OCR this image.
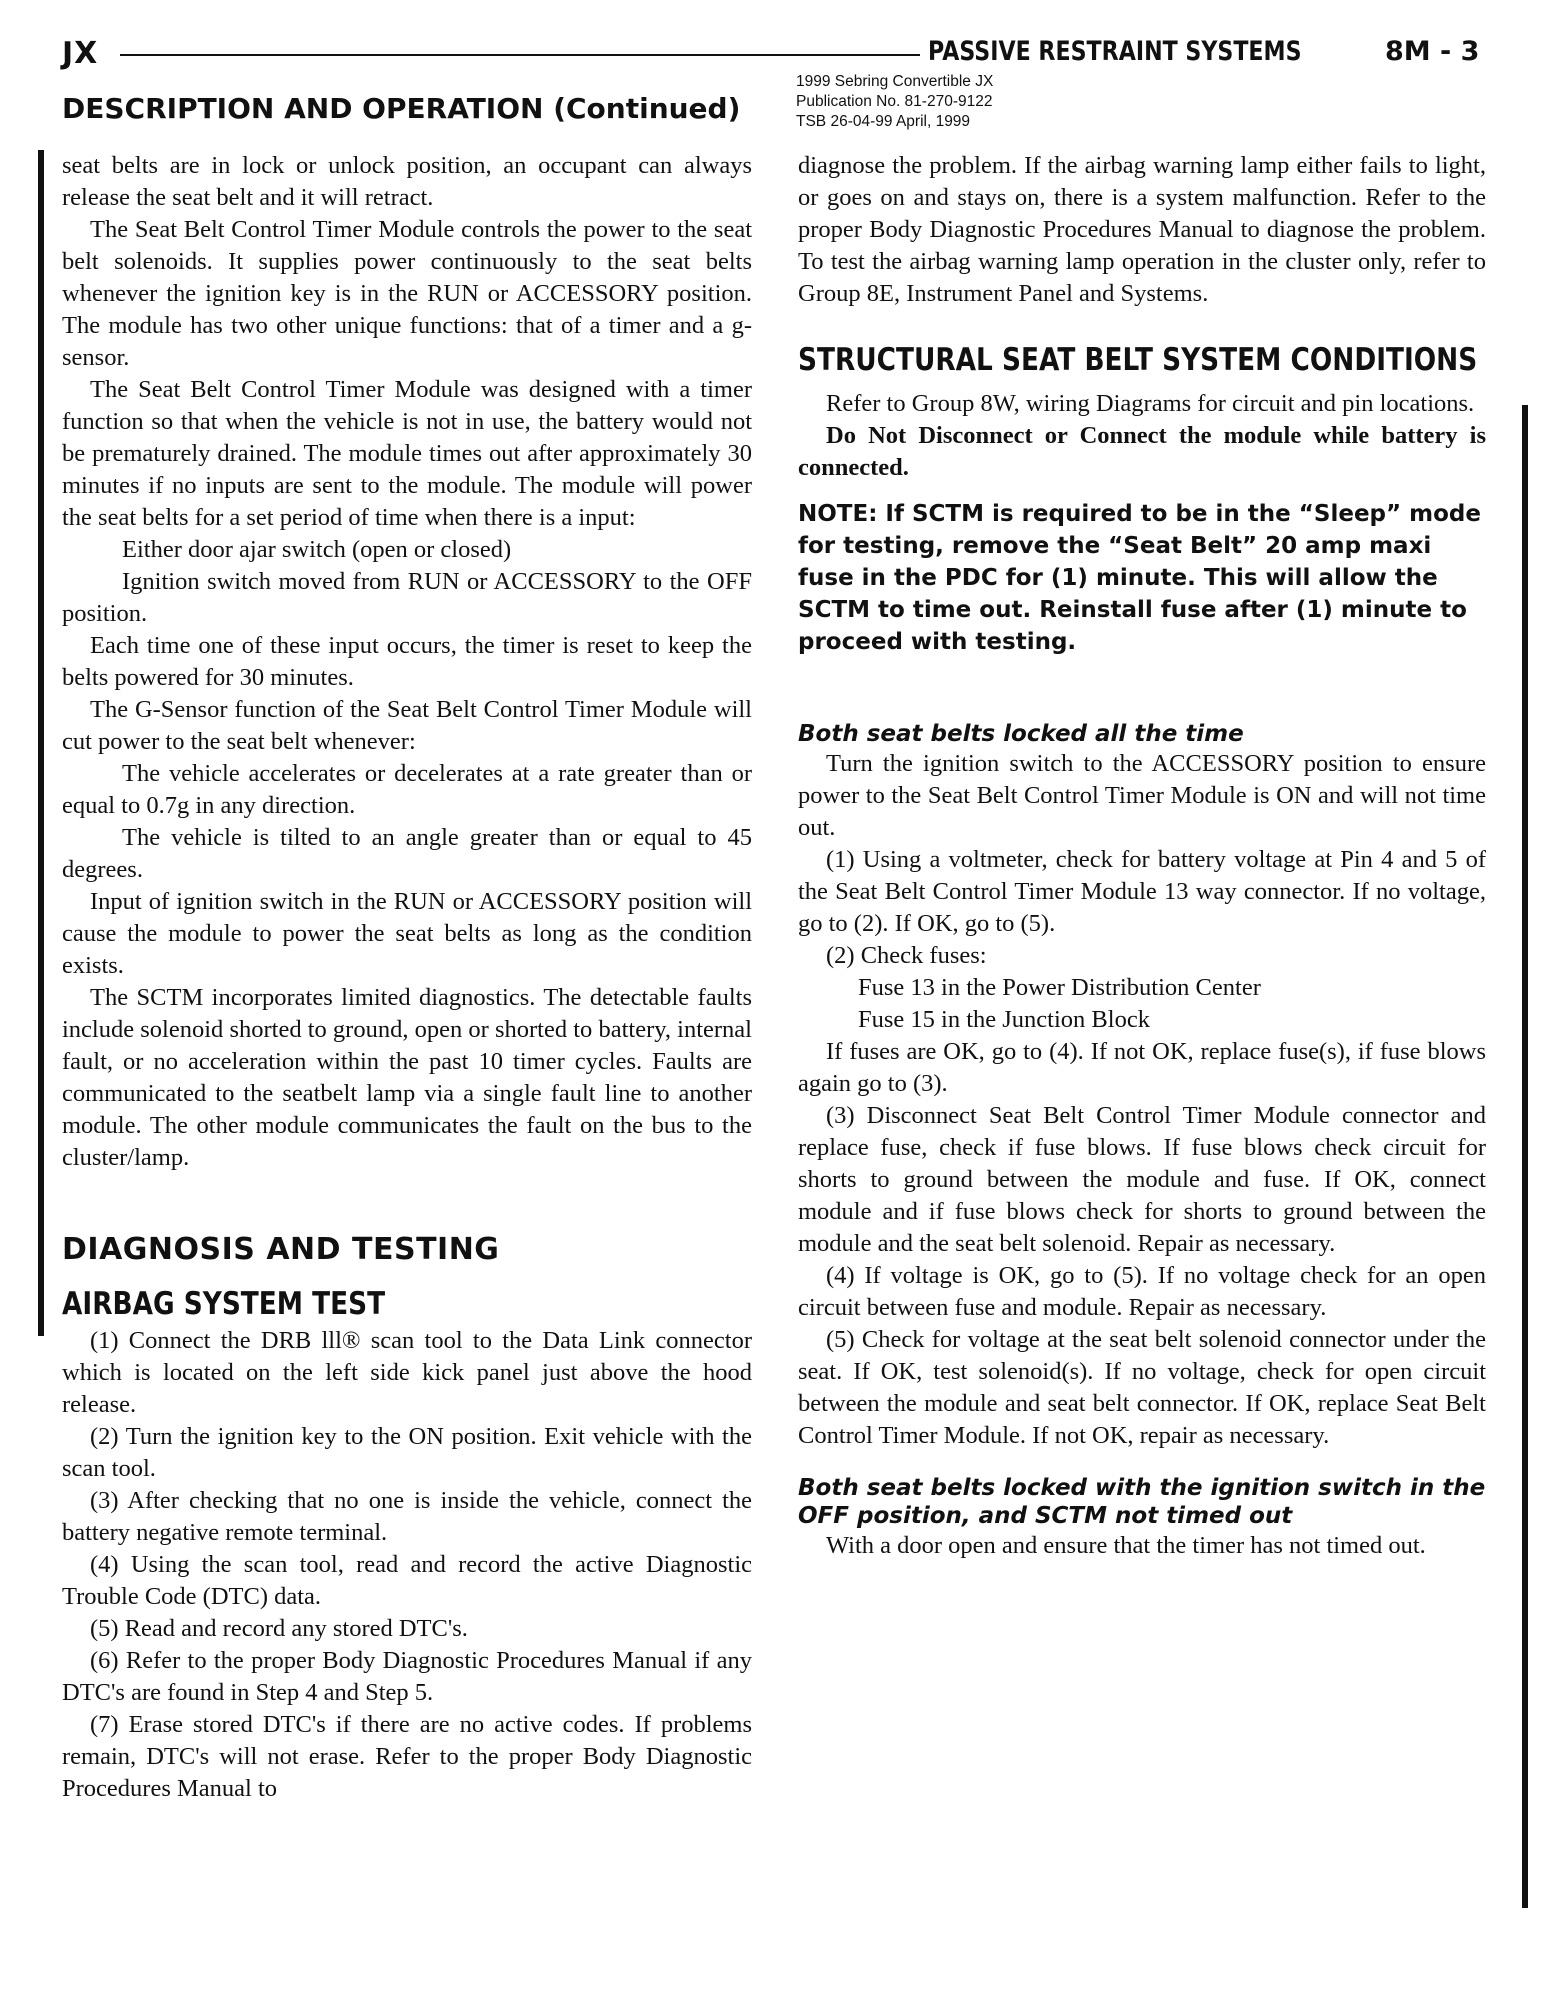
JX	PASSIVE RESTRAINT SYSTEMS	8M - 3
DESCRIPTION AND OPERATION (Continued)
1999 Sebring Convertible JX
Publication No. 81-270-9122
TSB 26-04-99 April, 1999

seat belts are in lock or unlock position, an occupant can always release the seat belt and it will retract.

The Seat Belt Control Timer Module controls the power to the seat belt solenoids. It supplies power continuously to the seat belts whenever the ignition key is in the RUN or ACCESSORY position. The module has two other unique functions: that of a timer and a g-sensor.

The Seat Belt Control Timer Module was designed with a timer function so that when the vehicle is not in use, the battery would not be prematurely drained. The module times out after approximately 30 minutes if no inputs are sent to the module. The module will power the seat belts for a set period of time when there is a input:

Either door ajar switch (open or closed)

Ignition switch moved from RUN or ACCESSORY to the OFF position.

Each time one of these input occurs, the timer is reset to keep the belts powered for 30 minutes.

The G-Sensor function of the Seat Belt Control Timer Module will cut power to the seat belt whenever:

The vehicle accelerates or decelerates at a rate greater than or equal to 0.7g in any direction.

The vehicle is tilted to an angle greater than or equal to 45 degrees.

Input of ignition switch in the RUN or ACCESSORY position will cause the module to power the seat belts as long as the condition exists.

The SCTM incorporates limited diagnostics. The detectable faults include solenoid shorted to ground, open or shorted to battery, internal fault, or no acceleration within the past 10 timer cycles. Faults are communicated to the seatbelt lamp via a single fault line to another module. The other module communicates the fault on the bus to the cluster/lamp.

DIAGNOSIS AND TESTING
AIRBAG SYSTEM TEST

(1) Connect the DRB lll® scan tool to the Data Link connector which is located on the left side kick panel just above the hood release.

(2) Turn the ignition key to the ON position. Exit vehicle with the scan tool.

(3) After checking that no one is inside the vehicle, connect the battery negative remote terminal.

(4) Using the scan tool, read and record the active Diagnostic Trouble Code (DTC) data.

(5) Read and record any stored DTC's.

(6) Refer to the proper Body Diagnostic Procedures Manual if any DTC's are found in Step 4 and Step 5.

(7) Erase stored DTC's if there are no active codes. If problems remain, DTC's will not erase. Refer to the proper Body Diagnostic Procedures Manual to

diagnose the problem. If the airbag warning lamp either fails to light, or goes on and stays on, there is a system malfunction. Refer to the proper Body Diagnostic Procedures Manual to diagnose the problem. To test the airbag warning lamp operation in the cluster only, refer to Group 8E, Instrument Panel and Systems.

STRUCTURAL SEAT BELT SYSTEM CONDITIONS

Refer to Group 8W, wiring Diagrams for circuit and pin locations.

Do Not Disconnect or Connect the module while battery is connected.

NOTE: If SCTM is required to be in the “Sleep” mode for testing, remove the “Seat Belt” 20 amp maxi fuse in the PDC for (1) minute. This will allow the SCTM to time out. Reinstall fuse after (1) minute to proceed with testing.

Both seat belts locked all the time

Turn the ignition switch to the ACCESSORY position to ensure power to the Seat Belt Control Timer Module is ON and will not time out.

(1) Using a voltmeter, check for battery voltage at Pin 4 and 5 of the Seat Belt Control Timer Module 13 way connector. If no voltage, go to (2). If OK, go to (5).

(2) Check fuses:

Fuse 13 in the Power Distribution Center

Fuse 15 in the Junction Block

If fuses are OK, go to (4). If not OK, replace fuse(s), if fuse blows again go to (3).

(3) Disconnect Seat Belt Control Timer Module connector and replace fuse, check if fuse blows. If fuse blows check circuit for shorts to ground between the module and fuse. If OK, connect module and if fuse blows check for shorts to ground between the module and the seat belt solenoid. Repair as necessary.

(4) If voltage is OK, go to (5). If no voltage check for an open circuit between fuse and module. Repair as necessary.

(5) Check for voltage at the seat belt solenoid connector under the seat. If OK, test solenoid(s). If no voltage, check for open circuit between the module and seat belt connector. If OK, replace Seat Belt Control Timer Module. If not OK, repair as necessary.

Both seat belts locked with the ignition switch in the OFF position, and SCTM not timed out

With a door open and ensure that the timer has not timed out.
